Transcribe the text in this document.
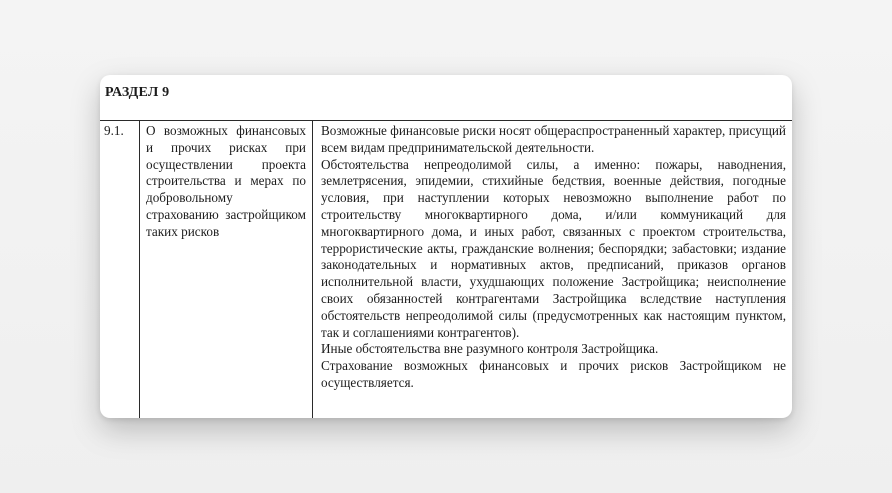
РАЗДЕЛ 9
9.1. О возможных финансовых и прочих рисках при осуществлении проекта строительства и мерах по добровольному страхованию застройщиком таких рисков

Возможные финансовые риски носят общераспространенный характер, присущий всем видам предпринимательской деятельности.

Обстоятельства непреодолимой силы, а именно: пожары, наводнения, землетрясения, эпидемии, стихийные бедствия, военные действия, погодные условия, при наступлении которых невозможно выполнение работ по строительству многоквартирного дома, и/или коммуникаций для многоквартирного дома, и иных работ, связанных с проектом строительства, террористические акты, гражданские волнения; беспорядки; забастовки; издание законодательных и нормативных актов, предписаний, приказов органов исполнительной власти, ухудшающих положение Застройщика; неисполнение своих обязанностей контрагентами Застройщика вследствие наступления обстоятельств непреодолимой силы (предусмотренных как настоящим пунктом, так и соглашениями контрагентов).

Иные обстоятельства вне разумного контроля Застройщика.

Страхование возможных финансовых и прочих рисков Застройщиком не осуществляется.
